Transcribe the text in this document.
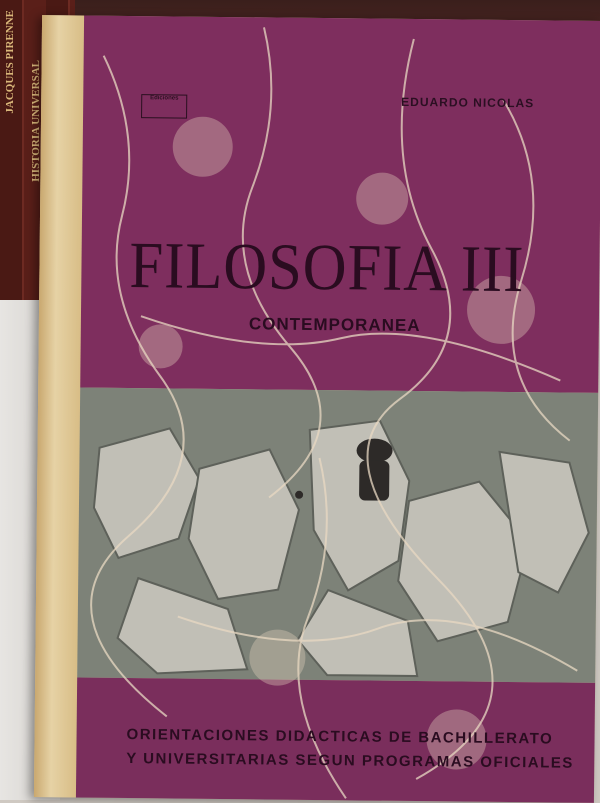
JACQUES PIRENNE HISTORIA UNIVERSAL	Ediciones	EDUARDO NICOLAS
FILOSOFIA III
CONTEMPORANEA
ORIENTACIONES DIDACTICAS DE BACHILLERATO
Y UNIVERSITARIAS SEGUN PROGRAMAS OFICIALES
